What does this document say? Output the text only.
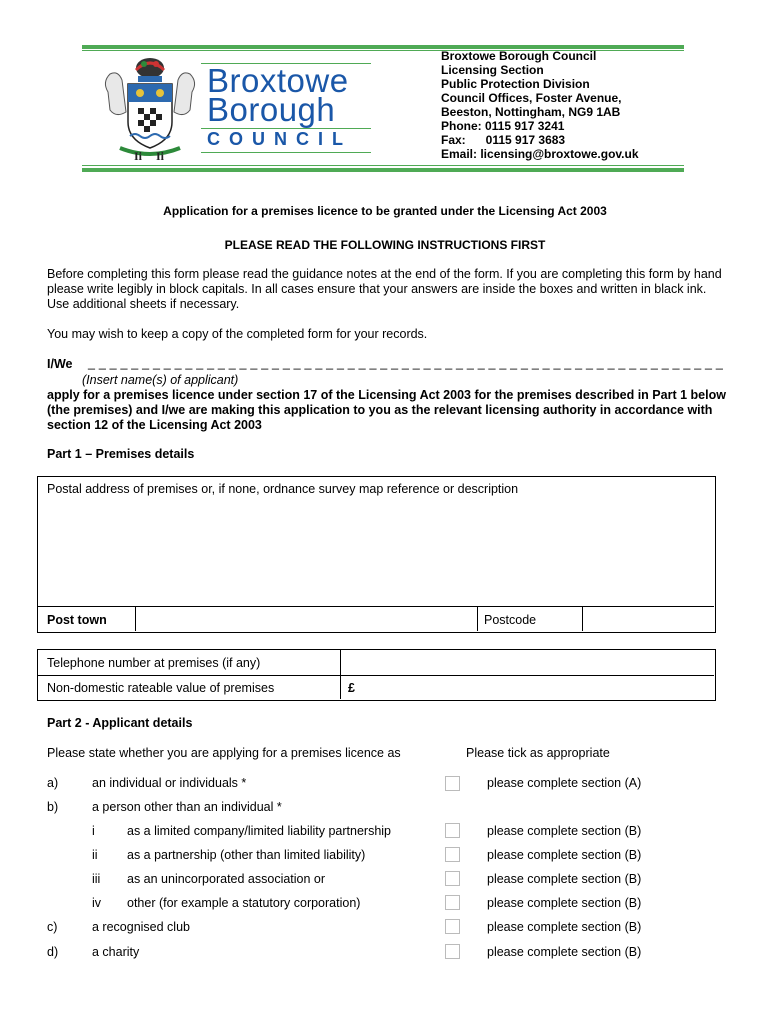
Ii Ii
Broxtowe
Borough
COUNCIL
Broxtowe Borough Council
Licensing Section
Public Protection Division
Council Offices, Foster Avenue,
Beeston, Nottingham, NG9 1AB
Phone: 0115 917 3241
Fax:      0115 917 3683
Email: licensing@broxtowe.gov.uk
Application for a premises licence to be granted under the Licensing Act 2003
PLEASE READ THE FOLLOWING INSTRUCTIONS FIRST
Before completing this form please read the guidance notes at the end of the form. If you are completing this form by hand please write legibly in block capitals. In all cases ensure that your answers are inside the boxes and written in black ink. Use additional sheets if necessary.
You may wish to keep a copy of the completed form for your records.
I/We _ _ _ _ _ _ _ _ _ _ _ _ _ _ _ _ _ _ _ _ _ _ _ _ _ _ _ _ _ _ _ _ _ _ _ _ _ _ _ _ _ _ _ _ _ _ _ _ _ _ _ _ _ _ _ _ _ _ _
(Insert name(s) of applicant)
apply for a premises licence under section 17 of the Licensing Act 2003 for the premises described in Part 1 below (the premises) and I/we are making this application to you as the relevant licensing authority in accordance with section 12 of the Licensing Act 2003
Part 1 – Premises details
Postal address of premises or, if none, ordnance survey map reference or description
Post town	Postcode
Telephone number at premises (if any)
Non-domestic rateable value of premises	£
Part 2 - Applicant details
Please state whether you are applying for a premises licence as	Please tick as appropriate
a)	an individual or individuals *	please complete section (A)
b)	a person other than an individual *
i	as a limited company/limited liability partnership	please complete section (B)
ii as a partnership (other than limited liability)	please complete section (B)
iii as an unincorporated association or	please complete section (B)
iv other (for example a statutory corporation)	please complete section (B)
c)	a recognised club	please complete section (B)
d)	a charity	please complete section (B)
